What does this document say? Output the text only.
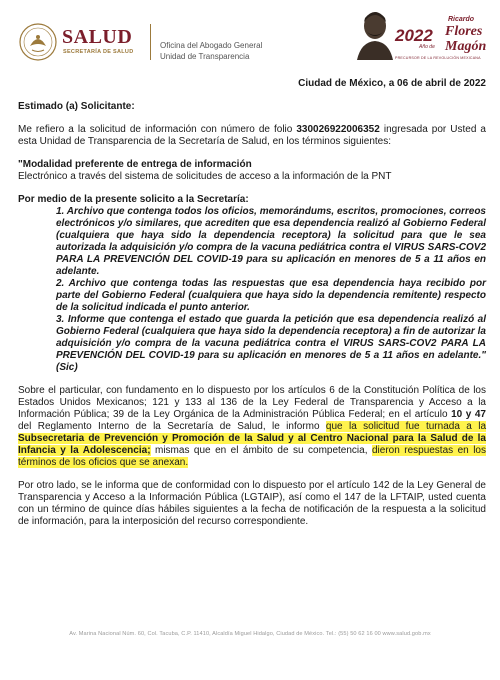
SALUD
SECRETARÍA DE SALUD
Oficina del Abogado General
Unidad de Transparencia
2022
Ricardo
Flores
Magón
Año de
PRECURSOR DE LA REVOLUCIÓN MEXICANA
Ciudad de México, a 06 de abril de 2022
Estimado (a) Solicitante:

Me refiero a la solicitud de información con número de folio 330026922006352 ingresada por Usted a esta Unidad de Transparencia de la Secretaría de Salud, en los términos siguientes:

"Modalidad preferente de entrega de información

Electrónico a través del sistema de solicitudes de acceso a la información de la PNT

Por medio de la presente solicito a la Secretaría:

1. Archivo que contenga todos los oficios, memorándums, escritos, promociones, correos electrónicos y/o similares, que acrediten que esa dependencia realizó al Gobierno Federal (cualquiera que haya sido la dependencia receptora) la solicitud para que le sea autorizada la adquisición y/o compra de la vacuna pediátrica contra el VIRUS SARS-COV2 PARA LA PREVENCIÓN DEL COVID-19 para su aplicación en menores de 5 a 11 años en adelante.
2. Archivo que contenga todas las respuestas que esa dependencia haya recibido por parte del Gobierno Federal (cualquiera que haya sido la dependencia remitente) respecto de la solicitud indicada el punto anterior.
3. Informe que contenga el estado que guarda la petición que esa dependencia realizó al Gobierno Federal (cualquiera que haya sido la dependencia receptora) a fin de autorizar la adquisición y/o compra de la vacuna pediátrica contra el VIRUS SARS-COV2 PARA LA PREVENCIÓN DEL COVID-19 para su aplicación en menores de 5 a 11 años en adelante." (Sic)

Sobre el particular, con fundamento en lo dispuesto por los artículos 6 de la Constitución Política de los Estados Unidos Mexicanos; 121 y 133 al 136 de la Ley Federal de Transparencia y Acceso a la Información Pública; 39 de la Ley Orgánica de la Administración Pública Federal; en el artículo 10 y 47 del Reglamento Interno de la Secretaría de Salud, le informo que la solicitud fue turnada a la Subsecretaria de Prevención y Promoción de la Salud y al Centro Nacional para la Salud de la Infancia y la Adolescencia; mismas que en el ámbito de su competencia, dieron respuestas en los términos de los oficios que se anexan.

Por otro lado, se le informa que de conformidad con lo dispuesto por el artículo 142 de la Ley General de Transparencia y Acceso a la Información Pública (LGTAIP), así como el 147 de la LFTAIP, usted cuenta con un término de quince días hábiles siguientes a la fecha de notificación de la respuesta a la solicitud de información, para la interposición del recurso correspondiente.

Av. Marina Nacional Núm. 60, Col. Tacuba, C.P. 11410, Alcaldía Miguel Hidalgo, Ciudad de México. Tel.: (55) 50 62 16 00 www.salud.gob.mx
